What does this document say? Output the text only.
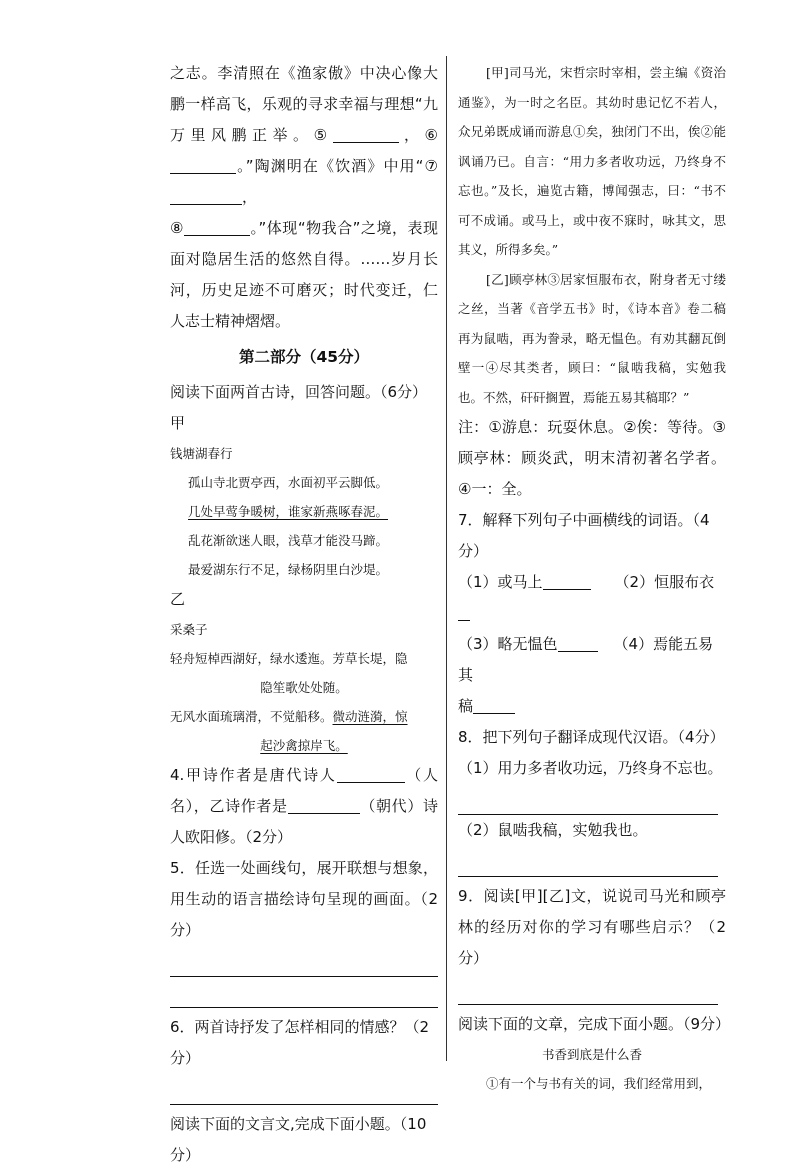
之志。李清照在《渔家傲》中决心像大鹏一样高飞，乐观的寻求幸福与理想“九万里风鹏正举。⑤	，⑥。”陶渊明在《饮酒》中用“⑦，
⑧	。”体现“物我合”之境，表现面对隐居生活的悠然自得。……岁月长河，历史足迹不可磨灭；时代变迁，仁人志士精神熠熠。

第二部分（45分）

阅读下面两首古诗，回答问题。（6分）

甲

钱塘湖春行

孤山寺北贾亭西，水面初平云脚低。

几处早莺争暖树，谁家新燕啄春泥。

乱花渐欲迷人眼，浅草才能没马蹄。

最爱湖东行不足，绿杨阴里白沙堤。

乙

采桑子

轻舟短棹西湖好，绿水逶迤。芳草长堤，隐

隐笙歌处处随。

无风水面琉璃滑，不觉船移。微动涟漪，惊

起沙禽掠岸飞。

4.甲诗作者是唐代诗人	（人名），乙诗作者是	（朝代）诗人欧阳修。（2分）

5．任选一处画线句，展开联想与想象，用生动的语言描绘诗句呈现的画面。（2分）

6．两首诗抒发了怎样相同的情感？（2分）

阅读下面的文言文,完成下面小题。（10分）

[甲]司马光，宋哲宗时宰相，尝主编《资治通鉴》，为一时之名臣。其幼时患记忆不若人，众兄弟既成诵而游息①矣，独闭门不出，俟②能讽诵乃已。自言：“用力多者收功远，乃终身不忘也。”及长，遍览古籍，博闻强志，曰：“书不可不成诵。或马上，或中夜不寐时，咏其文，思其义，所得多矣。”

[乙]顾亭林③居家恒服布衣，附身者无寸缕之丝，当著《音学五书》时，《诗本音》卷二稿再为鼠啮，再为誊录，略无愠色。有劝其翻瓦倒壁一④尽其类者，顾曰：“鼠啮我稿，实勉我也。不然，矸矸搁置，焉能五易其稿耶？”

注：①游息：玩耍休息。②俟：等待。③顾亭林：顾炎武，明末清初著名学者。④一：全。

7．解释下列句子中画横线的词语。（4分）

（1）或马上	（2）恒服布衣

（3）略无愠色	（4）焉能五易其

稿

8．把下列句子翻译成现代汉语。（4分）

（1）用力多者收功远，乃终身不忘也。

（2）鼠啮我稿，实勉我也。

9．阅读[甲][乙]文，说说司马光和顾亭林的经历对你的学习有哪些启示？（2分）

阅读下面的文章，完成下面小题。（9分）

书香到底是什么香

①有一个与书有关的词，我们经常用到，
